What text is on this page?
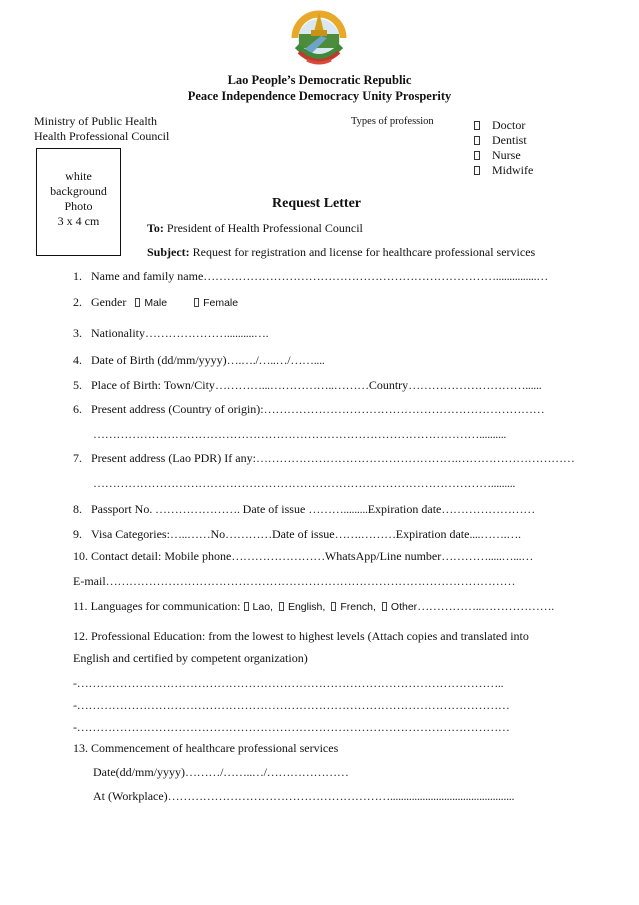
Lao People’s Democratic Republic
Peace Independence Democracy Unity Prosperity
Ministry of Public Health
Health Professional Council
Types of profession	Doctor
Dentist
Nurse
Midwife
white
background
Photo
3 x 4 cm
Request Letter
To: President of Health Professional Council
Subject: Request for registration and license for healthcare professional services
1. Name and family name…………………………………………………………………...............…
2. Gender Male	Female
3. Nationality…………………..........….
4. Date of Birth (dd/mm/yyyy)….…./…..…/……....
5. Place of Birth: Town/City…………...……………..………Country…………………………......
6. Present address (Country of origin):………………………………………………………………
………………………………………………………………………………………..........
7. Present address (Lao PDR) If any:…………………………………………….…………………………
………………………………………………………………………………………….........
8. Passport No. …………………. Date of issue ……….........Expiration date……………………
9. Visa Categories:…..……No…………Date of issue…….………Expiration date....…….….
10. Contact detail: Mobile phone……………………WhatsApp/Line number………….....…...…
E-mail……………………………………………………………………………………………
11. Languages for communication: Lao, English, French, Other……………..……………….
12. Professional Education: from the lowest to highest levels (Attach copies and translated into
English and certified by competent organization)
-………………………………………………………………………………………………..
-…………………………………………………………………………………………………
-…………………………………………………………………………………………………
13. Commencement of healthcare professional services
Date(dd/mm/yyyy)………/……..…/…………………
At (Workplace)…………………………………………………..............................................
